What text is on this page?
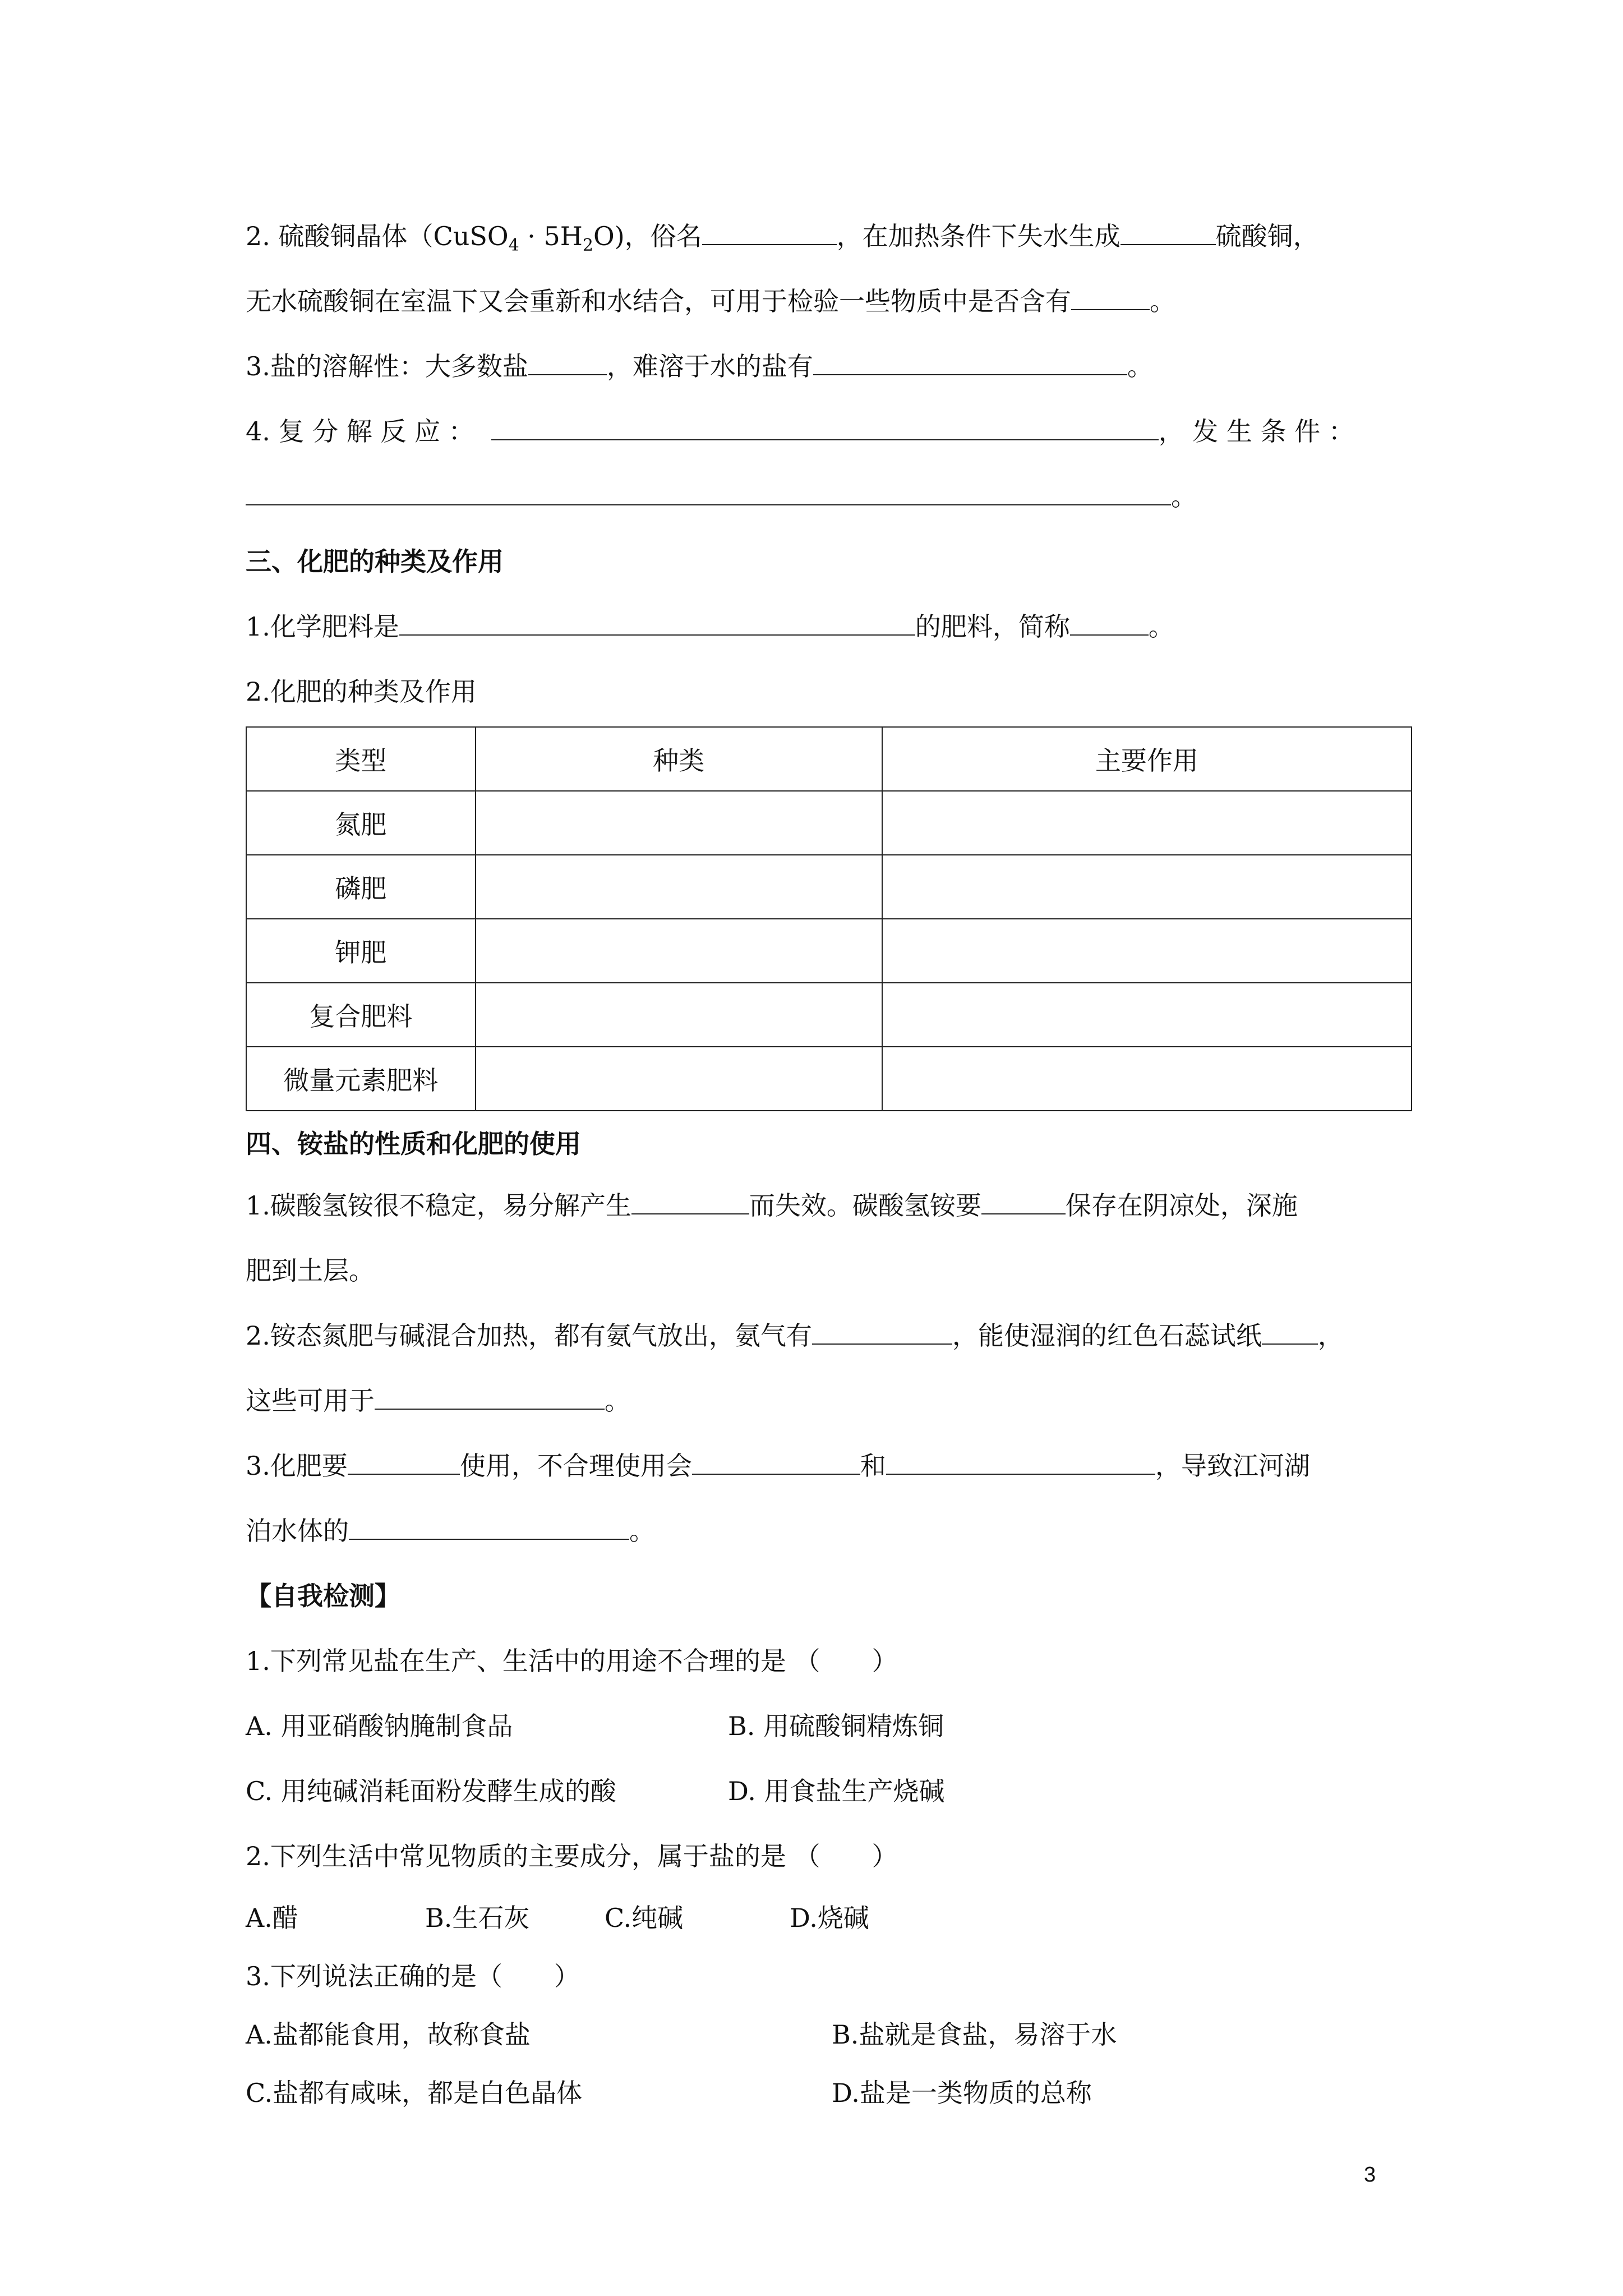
2. 硫酸铜晶体（CuSO$_4$ · $5H_2O$)，俗名	，在加热条件下失水生成	硫酸铜，
无水硫酸铜在室温下又会重新和水结合，可用于检验一些物质中是否含有	。
3.盐的溶解性：大多数盐	，难溶于水的盐有	。
4. 复 分 解 反 应 ：	， 发 生 条 件 ：
。
三、化肥的种类及作用
1.化学肥料是	的肥料，简称	。
2.化肥的种类及作用
类型	种类	主要作用
氮肥		
磷肥		
钾肥		
复合肥料		
微量元素肥料		
四、铵盐的性质和化肥的使用
1.碳酸氢铵很不稳定，易分解产生	而失效。碳酸氢铵要	保存在阴凉处，深施
肥到土层。
2.铵态氮肥与碱混合加热，都有氨气放出，氨气有	，能使湿润的红色石蕊试纸 ，
这些可用于	。
3.化肥要	使用，不合理使用会	和	，导致江河湖
泊水体的	。
【自我检测】
1.下列常见盐在生产、生活中的用途不合理的是 （　　）
A. 用亚硝酸钠腌制食品	B. 用硫酸铜精炼铜
C. 用纯碱消耗面粉发酵生成的酸	D. 用食盐生产烧碱
2.下列生活中常见物质的主要成分，属于盐的是 （　　）
A.醋	B.生石灰	C.纯碱	D.烧碱
3.下列说法正确的是（　　）
A.盐都能食用，故称食盐	B.盐就是食盐，易溶于水
C.盐都有咸味，都是白色晶体	D.盐是一类物质的总称
3
